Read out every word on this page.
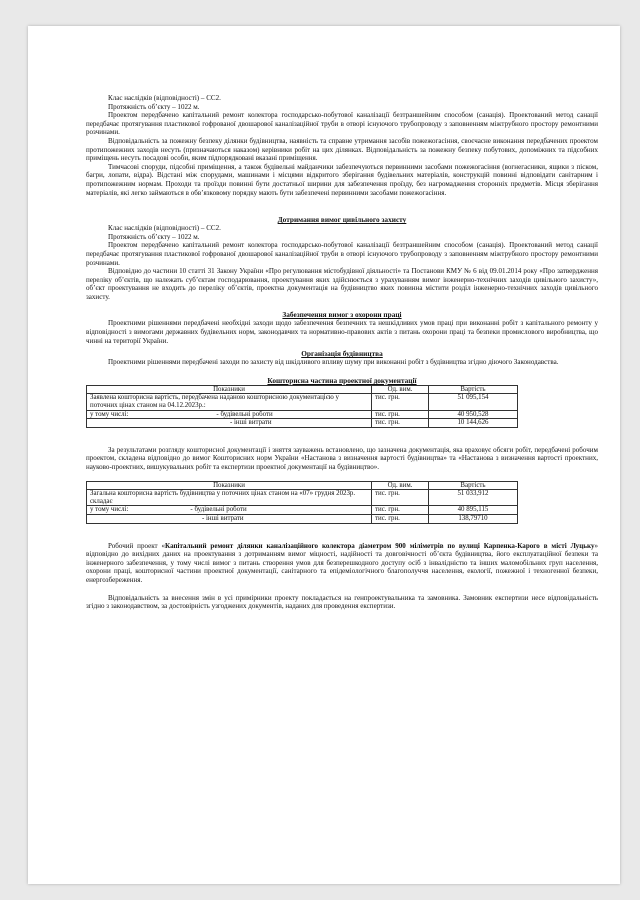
Клас наслідків (відповідності) – СС2.

Протяжність об’єкту – 1022 м.

Проектом передбачено капітальний ремонт колектора господарсько-побутової каналізації безтраншейним способом (санація). Проектований метод санації передбачає протягування пластикової гофрованої двошарової каналізаційної труби в отворі існуючого трубопроводу з заповненням міжтрубного простору ремонтними розчинами.

Відповідальність за пожежну безпеку ділянки будівництва, наявність та справне утримання засобів пожежогасіння, своєчасне виконання передбачених проектом протипожежних заходів несуть (призначаються наказом) керівники робіт на цих ділянках. Відповідальність за пожежну безпеку побутових, допоміжних та підсобних приміщень несуть посадові особи, яким підпорядковані вказані приміщення.

Тимчасові споруди, підсобні приміщення, а також будівельні майданчики забезпечуються первинними засобами пожежогасіння (вогнегасники, ящики з піском, багри, лопати, відра). Відстані між спорудами, машинами і місцями відкритого зберігання будівельних матеріалів, конструкцій повинні відповідати санітарним і протипожежним нормам. Проходи та проїзди повинні бути достатньої ширини для забезпечення проїзду, без нагромадження сторонніх предметів. Місця зберігання матеріалів, які легко займаються в обв’язковому порядку мають бути забезпечені первинними засобами пожежогасіння.

Дотримання вимог цивільного захисту

Клас наслідків (відповідності) – СС2.

Протяжність об’єкту – 1022 м.

Проектом передбачено капітальний ремонт колектора господарсько-побутової каналізації безтраншейним способом (санація). Проектований метод санації передбачає протягування пластикової гофрованої двошарової каналізаційної труби в отворі існуючого трубопроводу з заповненням міжтрубного простору ремонтними розчинами.

Відповідно до частини 10 статті 31 Закону України «Про регулювання містобудівної діяльності» та Постанови КМУ № 6 від 09.01.2014 року «Про затвердження переліку об’єктів, що належать суб’єктам господарювання, проектування яких здійснюється з урахуванням вимог інженерно-технічних заходів цивільного захисту», об’єкт проектування не входить до переліку об’єктів, проектна документація на будівництво яких повинна містити розділ інженерно-технічних заходів цивільного захисту.

Забезпечення вимог з охорони праці

Проектними рішеннями передбачені необхідні заходи щодо забезпечення безпечних та нешкідливих умов праці при виконанні робіт з капітального ремонту у відповідності з вимогами державних будівельних норм, законодавчих та нормативно-правових актів з питань охорони праці та безпеки промислового виробництва, що чинні на території України.

Організація будівництва

Проектними рішеннями передбачені заходи по захисту від шкідливого впливу шуму при виконанні робіт з будівництва згідно діючого Законодавства.

Кошторисна частина проектної документації
Показники	Од. вим.	Вартість
Заявлена кошторисна вартість, передбачена наданою кошторисною документацією у поточних цінах станом на 04.12.2023р.:	тис. грн.	51 095,154
у тому числі: - будівельні роботи	тис. грн.	40 950,528
- інші витрати	тис. грн.	10 144,626

За результатами розгляду кошторисної документації і зняття зауважень встановлено, що зазначена документація, яка враховує обсяги робіт, передбачені робочим проектом, складена відповідно до вимог Кошторисних норм України «Настанова з визначення вартості будівництва» та «Настанова з визначення вартості проектних, науково-проектних, вишукувальних робіт та експертизи проектної документації на будівництво».

Показники	Од. вим.	Вартість
Загальна кошторисна вартість будівництва у поточних цінах станом на «07» грудня 2023р. складає	тис. грн.	51 033,912
у тому числі: - будівельні роботи	тис. грн.	40 895,115
- інші витрати	тис. грн.	138,79710

Робочий проект «Капітальний ремонт ділянки каналізаційного колектора діаметром 900 міліметрів по вулиці Карпенка-Карого в місті Луцьку» відповідно до вихідних даних на проектування з дотриманням вимог міцності, надійності та довговічності об’єкта будівництва, його експлуатаційної безпеки та інженерного забезпечення, у тому числі вимог з питань створення умов для безперешкодного доступу осіб з інвалідністю та інших маломобільних груп населення, охорони праці, кошторисної частини проектної документації, санітарного та епідеміологічного благополуччя населення, екології, пожежної і техногенної безпеки, енергозбереження.

Відповідальність за внесення змін в усі примірники проекту покладається на генпроектувальника та замовника. Замовник експертизи несе відповідальність згідно з законодавством, за достовірність узгоджених документів, наданих для проведення експертизи.
